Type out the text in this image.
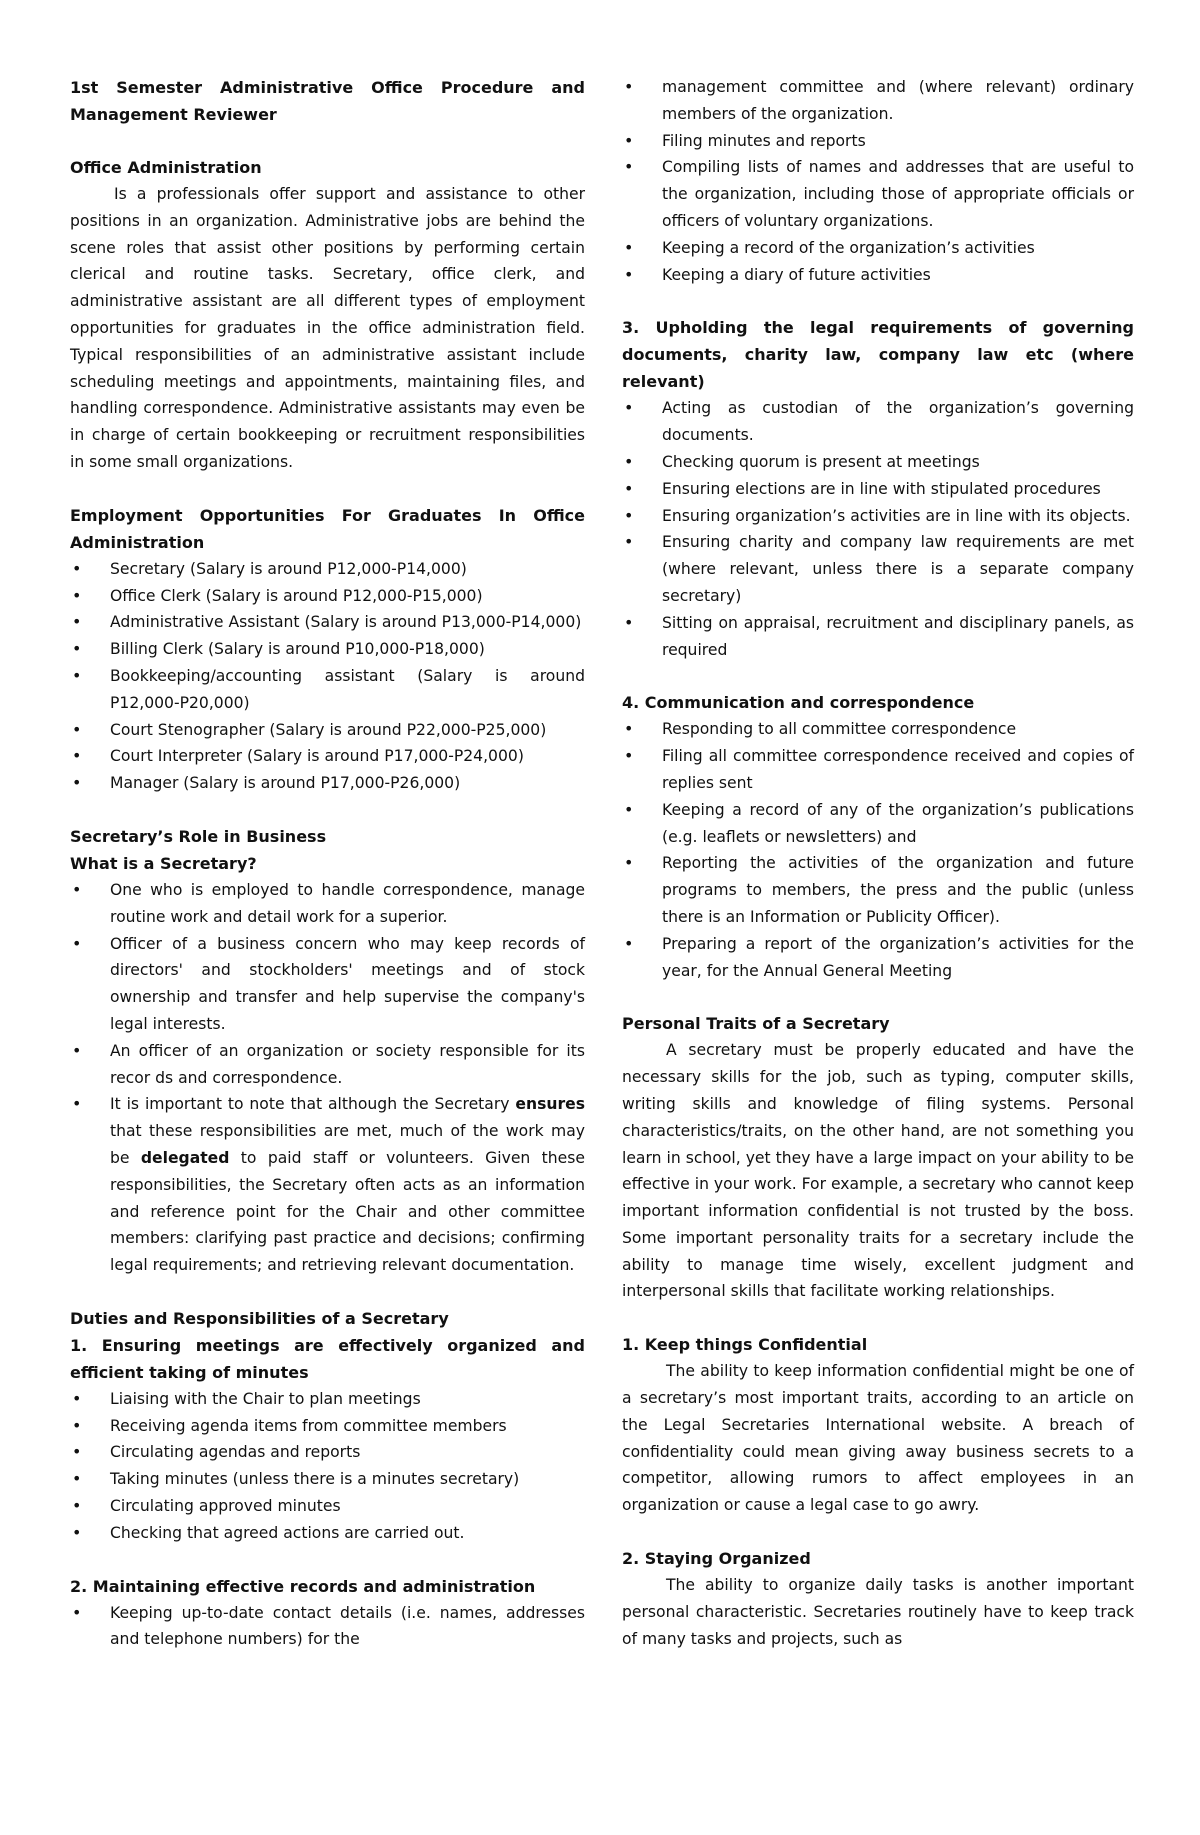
1st Semester Administrative Office Procedure and Management Reviewer

Office Administration

Is a professionals offer support and assistance to other positions in an organization. Administrative jobs are behind the scene roles that assist other positions by performing certain clerical and routine tasks. Secretary, office clerk, and administrative assistant are all different types of employment opportunities for graduates in the office administration field. Typical responsibilities of an administrative assistant include scheduling meetings and appointments, maintaining files, and handling correspondence. Administrative assistants may even be in charge of certain bookkeeping or recruitment responsibilities in some small organizations.

Employment Opportunities For Graduates In Office Administration
• Secretary (Salary is around P12,000-P14,000)
• Office Clerk (Salary is around P12,000-P15,000)
• Administrative Assistant (Salary is around P13,000-P14,000)
• Billing Clerk (Salary is around P10,000-P18,000)
• Bookkeeping/accounting assistant (Salary is around P12,000-P20,000)
• Court Stenographer (Salary is around P22,000-P25,000)
• Court Interpreter (Salary is around P17,000-P24,000)
• Manager (Salary is around P17,000-P26,000)
Secretary’s Role in Business
What is a Secretary?
• One who is employed to handle correspondence, manage routine work and detail work for a superior.
• Officer of a business concern who may keep records of directors' and stockholders' meetings and of stock ownership and transfer and help supervise the company's legal interests.
• An officer of an organization or society responsible for its recor ds and correspondence.
• It is important to note that although the Secretary ensures that these responsibilities are met, much of the work may be delegated to paid staff or volunteers. Given these responsibilities, the Secretary often acts as an information and reference point for the Chair and other committee members: clarifying past practice and decisions; confirming legal requirements; and retrieving relevant documentation.
Duties and Responsibilities of a Secretary
1. Ensuring meetings are effectively organized and efficient taking of minutes
• Liaising with the Chair to plan meetings
• Receiving agenda items from committee members
• Circulating agendas and reports
• Taking minutes (unless there is a minutes secretary)
• Circulating approved minutes
• Checking that agreed actions are carried out.
2. Maintaining effective records and administration
• Keeping up-to-date contact details (i.e. names, addresses and telephone numbers) for the
• management committee and (where relevant) ordinary members of the organization.
• Filing minutes and reports
• Compiling lists of names and addresses that are useful to the organization, including those of appropriate officials or officers of voluntary organizations.
• Keeping a record of the organization’s activities
• Keeping a diary of future activities
3. Upholding the legal requirements of governing documents, charity law, company law etc (where relevant)
• Acting as custodian of the organization’s governing documents.
• Checking quorum is present at meetings
• Ensuring elections are in line with stipulated procedures
• Ensuring organization’s activities are in line with its objects.
• Ensuring charity and company law requirements are met (where relevant, unless there is a separate company secretary)
• Sitting on appraisal, recruitment and disciplinary panels, as required
4. Communication and correspondence
• Responding to all committee correspondence
• Filing all committee correspondence received and copies of replies sent
• Keeping a record of any of the organization’s publications (e.g. leaflets or newsletters) and
• Reporting the activities of the organization and future programs to members, the press and the public (unless there is an Information or Publicity Officer).
• Preparing a report of the organization’s activities for the year, for the Annual General Meeting
Personal Traits of a Secretary

A secretary must be properly educated and have the necessary skills for the job, such as typing, computer skills, writing skills and knowledge of filing systems. Personal characteristics/traits, on the other hand, are not something you learn in school, yet they have a large impact on your ability to be effective in your work. For example, a secretary who cannot keep important information confidential is not trusted by the boss. Some important personality traits for a secretary include the ability to manage time wisely, excellent judgment and interpersonal skills that facilitate working relationships.

1. Keep things Confidential

The ability to keep information confidential might be one of a secretary’s most important traits, according to an article on the Legal Secretaries International website. A breach of confidentiality could mean giving away business secrets to a competitor, allowing rumors to affect employees in an organization or cause a legal case to go awry.

2. Staying Organized

The ability to organize daily tasks is another important personal characteristic. Secretaries routinely have to keep track of many tasks and projects, such as
